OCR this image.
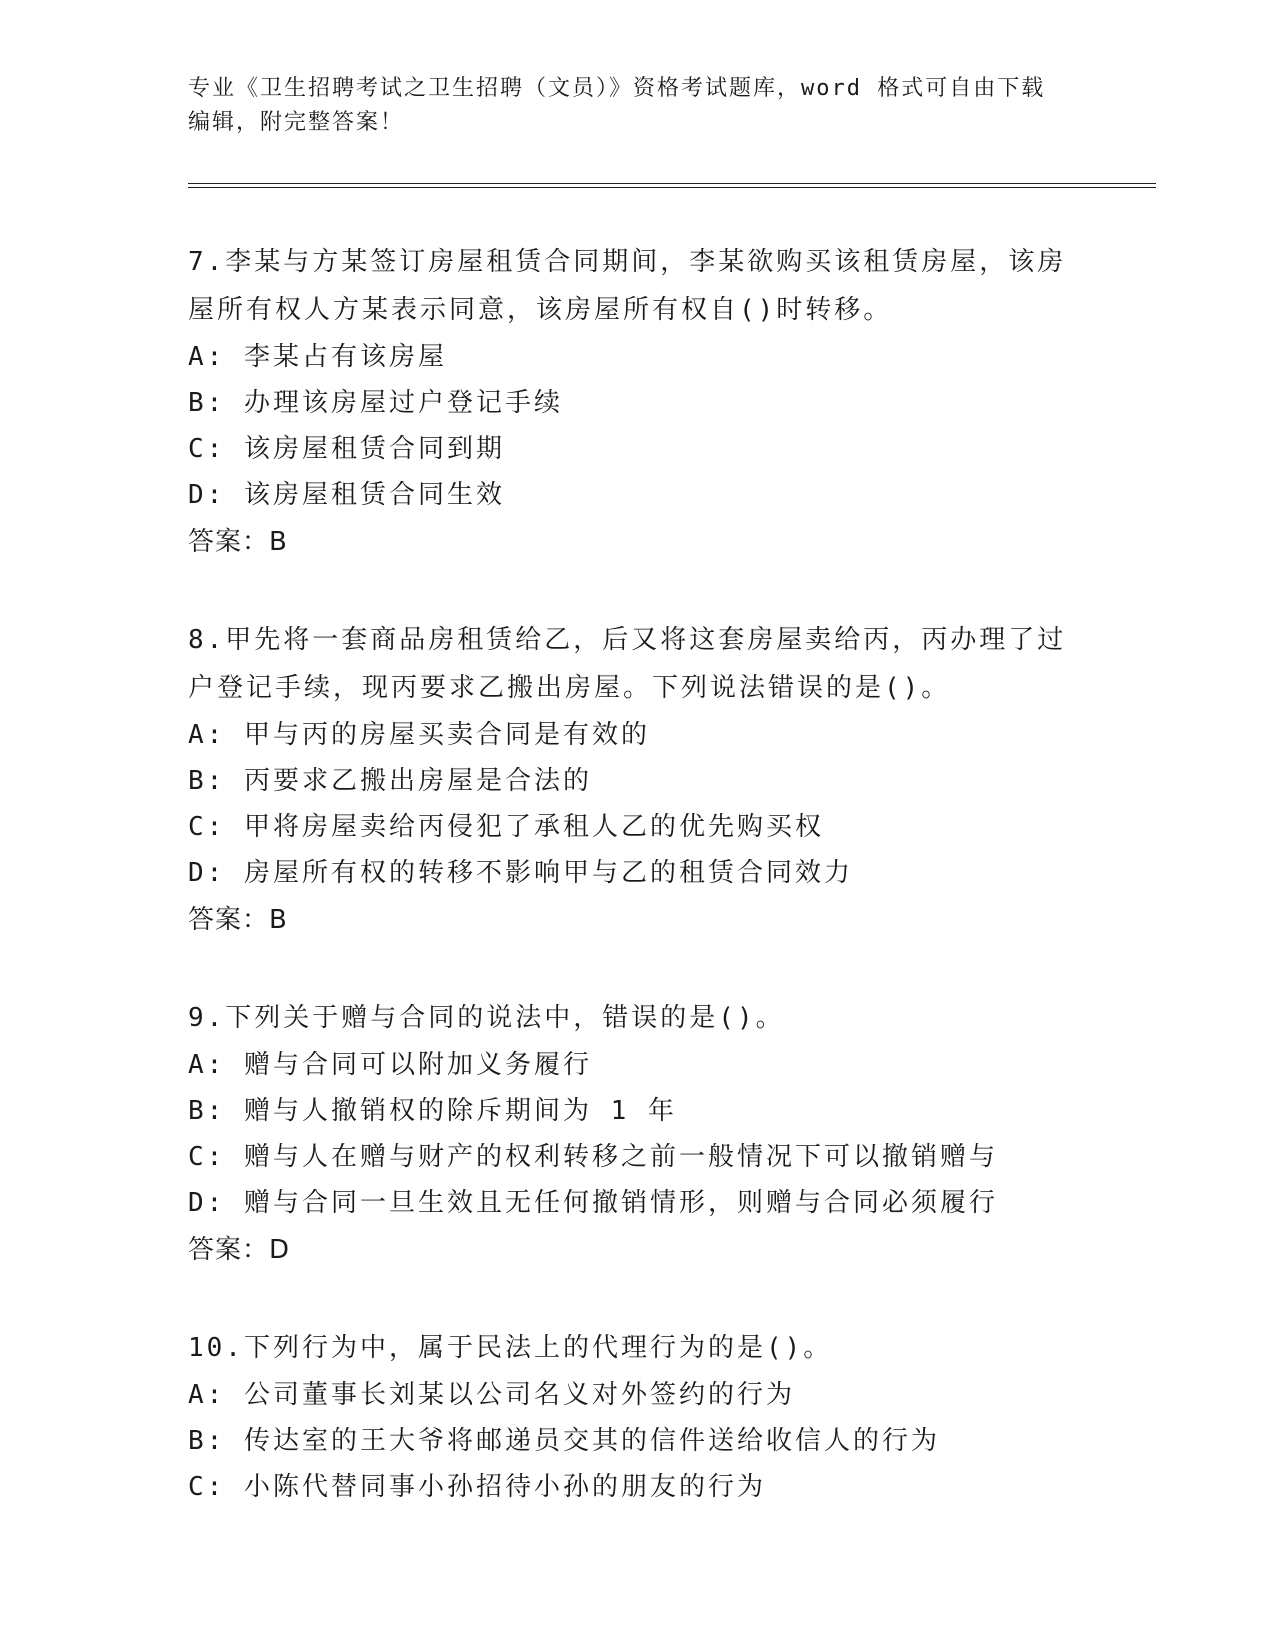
专业《卫生招聘考试之卫生招聘（文员）》资格考试题库，word 格式可自由下载

编辑，附完整答案！

7.李某与方某签订房屋租赁合同期间，李某欲购买该租赁房屋，该房

屋所有权人方某表示同意，该房屋所有权自()时转移。

A: 李某占有该房屋

B: 办理该房屋过户登记手续

C: 该房屋租赁合同到期

D: 该房屋租赁合同生效

答案：B

8.甲先将一套商品房租赁给乙，后又将这套房屋卖给丙，丙办理了过

户登记手续，现丙要求乙搬出房屋。下列说法错误的是()。

A: 甲与丙的房屋买卖合同是有效的

B: 丙要求乙搬出房屋是合法的

C: 甲将房屋卖给丙侵犯了承租人乙的优先购买权

D: 房屋所有权的转移不影响甲与乙的租赁合同效力

答案：B

9.下列关于赠与合同的说法中，错误的是()。

A: 赠与合同可以附加义务履行

B: 赠与人撤销权的除斥期间为 1 年

C: 赠与人在赠与财产的权利转移之前一般情况下可以撤销赠与

D: 赠与合同一旦生效且无任何撤销情形，则赠与合同必须履行

答案：D

10.下列行为中，属于民法上的代理行为的是()。

A: 公司董事长刘某以公司名义对外签约的行为

B: 传达室的王大爷将邮递员交其的信件送给收信人的行为

C: 小陈代替同事小孙招待小孙的朋友的行为
